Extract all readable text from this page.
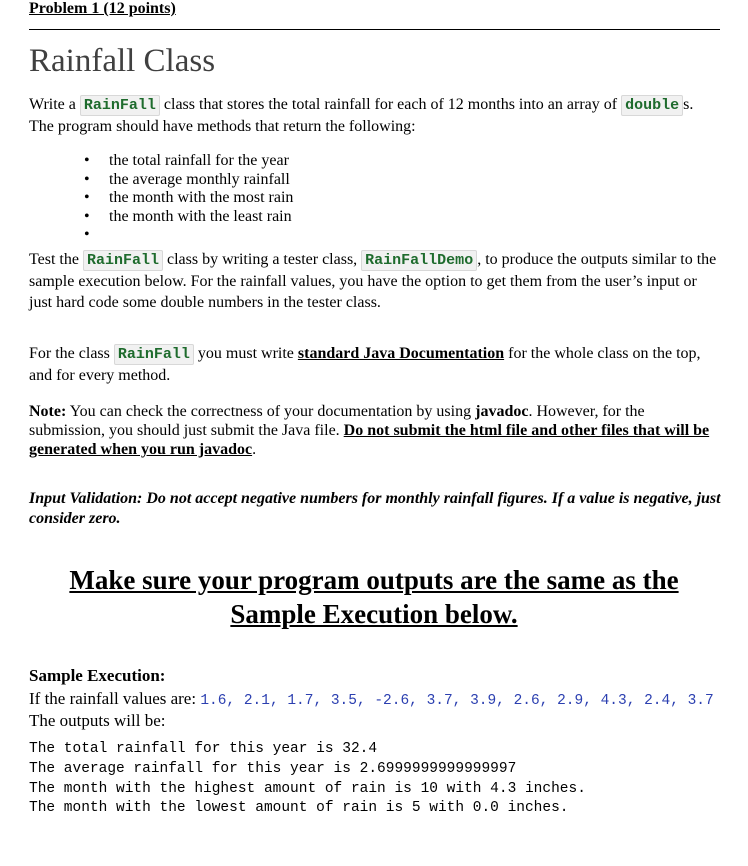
Problem 1 (12 points)
Rainfall Class
Write a RainFall class that stores the total rainfall for each of 12 months into an array of double s.
The program should have methods that return the following:
• the total rainfall for the year
• the average monthly rainfall
• the month with the most rain
• the month with the least rain
•
Test the RainFall class by writing a tester class, RainFallDemo , to produce the outputs similar to the sample execution below. For the rainfall values, you have the option to get them from the user’s input or just hard code some double numbers in the tester class.
For the class RainFall you must write standard Java Documentation for the whole class on the top, and for every method.
Note: You can check the correctness of your documentation by using javadoc. However, for the submission, you should just submit the Java file. Do not submit the html file and other files that will be generated when you run javadoc.
Input Validation: Do not accept negative numbers for monthly rainfall figures. If a value is negative, just consider zero.
Make sure your program outputs are the same as the
Sample Execution below.
Sample Execution:
If the rainfall values are: 1.6, 2.1, 1.7, 3.5, -2.6, 3.7, 3.9, 2.6, 2.9, 4.3, 2.4, 3.7
The outputs will be:
The total rainfall for this year is 32.4
The average rainfall for this year is 2.6999999999999997
The month with the highest amount of rain is 10 with 4.3 inches.
The month with the lowest amount of rain is 5 with 0.0 inches.
